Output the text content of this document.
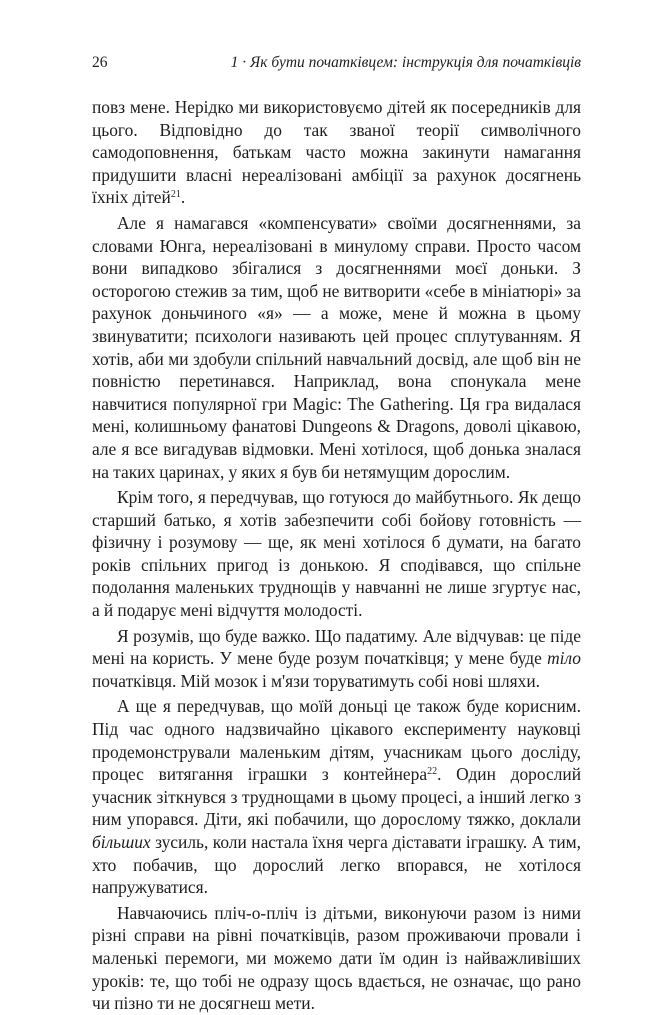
26	1 · Як бути початківцем: інструкція для початківців

повз мене. Нерідко ми використовуємо дітей як посередників для цього. Відповідно до так званої теорії символічного самодоповнення, батькам часто можна закинути намагання придушити власні нереалізовані амбіції за рахунок досягнень їхніх дітей$^{21}$.

Але я намагався «компенсувати» своїми досягненнями, за словами Юнга, нереалізовані в минулому справи. Просто часом вони випадково збігалися з досягненнями моєї доньки. З осторогою стежив за тим, щоб не витворити «себе в мініатюрі» за рахунок доньчиного «я» — а може, мене й можна в цьому звинуватити; психологи називають цей процес сплутуванням. Я хотів, аби ми здобули спільний навчальний досвід, але щоб він не повністю перетинався. Наприклад, вона спонукала мене навчитися популярної гри Magic: The Gathering. Ця гра видалася мені, колишньому фанатові Dungeons & Dragons, доволі цікавою, але я все вигадував відмовки. Мені хотілося, щоб донька зналася на таких царинах, у яких я був би нетямущим дорослим.

Крім того, я передчував, що готуюся до майбутнього. Як дещо старший батько, я хотів забезпечити собі бойову готовність — фізичну і розумову — ще, як мені хотілося б думати, на багато років спільних пригод із донькою. Я сподівався, що спільне подолання маленьких труднощів у навчанні не лише згуртує нас, а й подарує мені відчуття молодості.

Я розумів, що буде важко. Що падатиму. Але відчував: це піде мені на користь. У мене буде розум початківця; у мене буде тіло початківця. Мій мозок і м'язи торуватимуть собі нові шляхи.

А ще я передчував, що моїй доньці це також буде корисним. Під час одного надзвичайно цікавого експерименту науковці продемонстрували маленьким дітям, учасникам цього досліду, процес витягання іграшки з контейнера$^{22}$. Один дорослий учасник зіткнувся з труднощами в цьому процесі, а інший легко з ним упорався. Діти, які побачили, що дорослому тяжко, доклали більших зусиль, коли настала їхня черга діставати іграшку. А тим, хто побачив, що дорослий легко впорався, не хотілося напружуватися.

Навчаючись пліч-о-пліч із дітьми, виконуючи разом із ними різні справи на рівні початківців, разом проживаючи провали і маленькі перемоги, ми можемо дати їм один із найважливіших уроків: те, що тобі не одразу щось вдається, не означає, що рано чи пізно ти не досягнеш мети.
